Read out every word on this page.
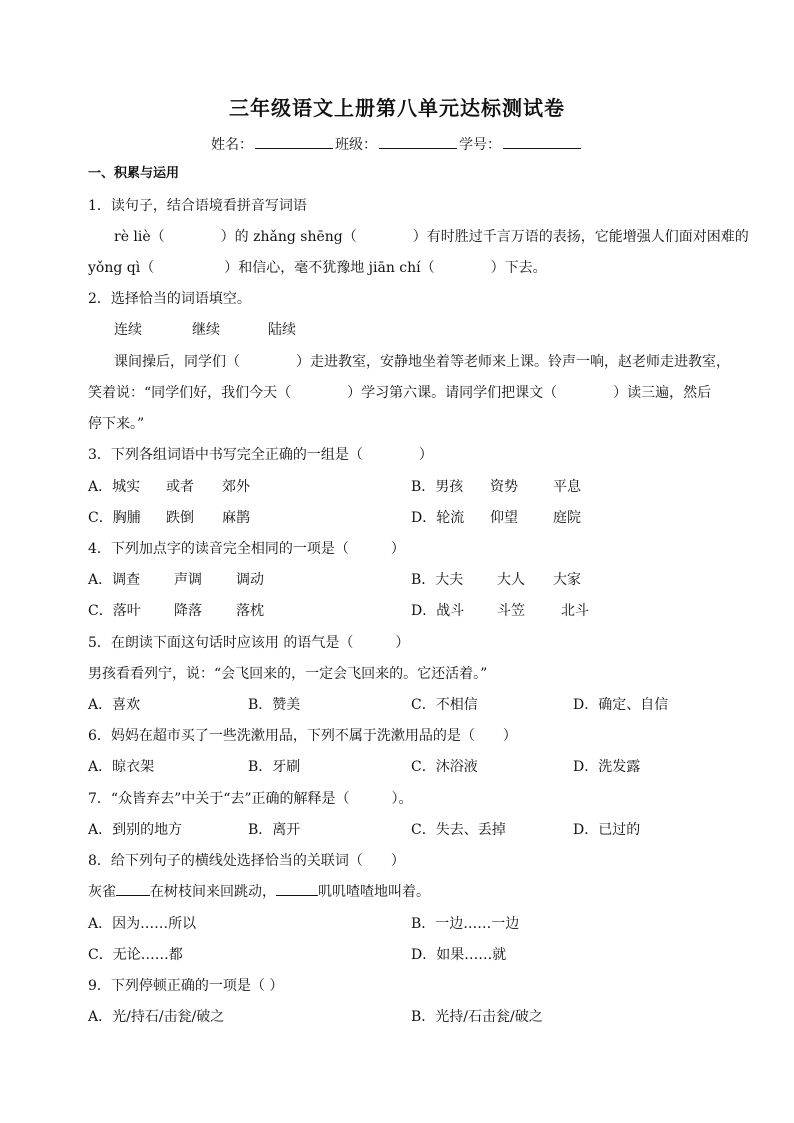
三年级语文上册第八单元达标测试卷
姓名：	班级：	学号：
一、积累与运用
1．读句子，结合语境看拼音写词语
rè liè（　　　　）的 zhǎng shēng（　　　　）有时胜过千言万语的表扬，它能增强人们面对困难的
yǒng qì（　　　　　）和信心，毫不犹豫地 jiān chí（　　　　）下去。
2．选择恰当的词语填空。
连续	继续	陆续
课间操后，同学们（　　　　）走进教室，安静地坐着等老师来上课。铃声一响，赵老师走进教室，
笑着说：“同学们好，我们今天（　　　　）学习第六课。请同学们把课文（　　　　）读三遍，然后
停下来。”
3．下列各组词语中书写完全正确的一组是（　　　　）
A．城实 或者 郊外	B．男孩 资势	平息
C．胸脯 跌倒 麻鹊	D．轮流 仰望	庭院
4．下列加点字的读音完全相同的一项是（　　　）
A．调查 声调 调动	B．大夫 大人 大家
C．落叶 降落 落枕	D．战斗 斗笠	北斗
5．在朗读下面这句话时应该用 的语气是（　　　）
男孩看看列宁，说：“会飞回来的，一定会飞回来的。它还活着。”
A．喜欢	B．赞美	C．不相信	D．确定、自信
6．妈妈在超市买了一些洗漱用品，下列不属于洗漱用品的是（　　）
A．晾衣架	B．牙刷	C．沐浴液	D．洗发露
7．“众皆弃去”中关于“去”正确的解释是（　　　）。
A．到别的地方	B．离开	C．失去、丢掉	D．已过的
8．给下列句子的横线处选择恰当的关联词（　　）
灰雀 在树枝间来回跳动，	叽叽喳喳地叫着。
A．因为……所以	B．一边……一边
C．无论……都	D．如果……就
9．下列停顿正确的一项是（ ）
A．光/持石/击瓮/破之	B．光持/石击瓮/破之
